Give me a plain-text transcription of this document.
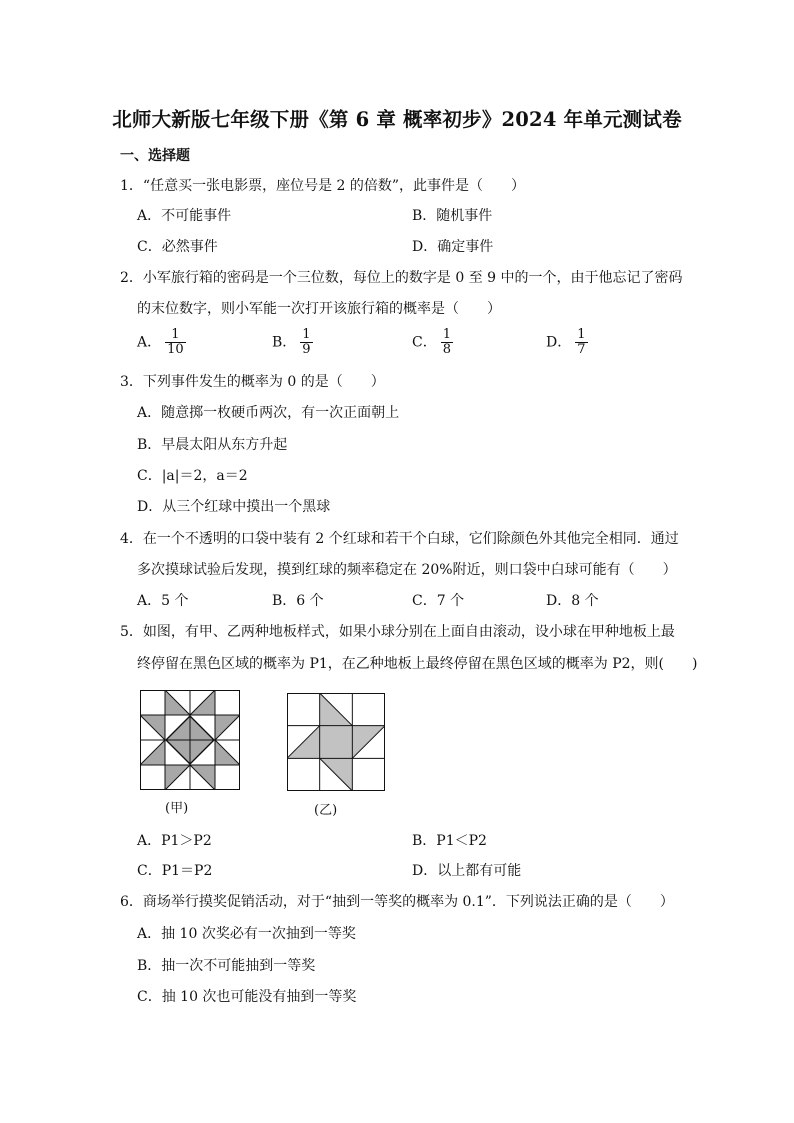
北师大新版七年级下册《第 6 章 概率初步》2024 年单元测试卷
一、选择题
1．“任意买一张电影票，座位号是 2 的倍数”，此事件是（　　）
A．不可能事件	B．随机事件
C．必然事件	D．确定事件
2．小军旅行箱的密码是一个三位数，每位上的数字是 0 至 9 中的一个，由于他忘记了密码
的末位数字，则小军能一次打开该旅行箱的概率是（　　）
A． $\frac{1}{10}$	B． $\frac{1}{9}$	C． $\frac{1}{8}$	D． $\frac{1}{7}$
3．下列事件发生的概率为 0 的是（　　）
A．随意掷一枚硬币两次，有一次正面朝上
B．早晨太阳从东方升起
C．|a|＝2，a＝2
D．从三个红球中摸出一个黑球
4．在一个不透明的口袋中装有 2 个红球和若干个白球，它们除颜色外其他完全相同．通过
多次摸球试验后发现，摸到红球的频率稳定在 20%附近，则口袋中白球可能有（　　）
A．5 个	B．6 个	C．7 个	D．8 个
5．如图，有甲、乙两种地板样式，如果小球分别在上面自由滚动，设小球在甲种地板上最
终停留在黑色区域的概率为 P1，在乙种地板上最终停留在黑色区域的概率为 P2，则(　　)
(甲)	(乙)
A．P1＞P2	B．P1＜P2
C．P1＝P2	D．以上都有可能
6．商场举行摸奖促销活动，对于“抽到一等奖的概率为 0.1”．下列说法正确的是（　　）
A．抽 10 次奖必有一次抽到一等奖
B．抽一次不可能抽到一等奖
C．抽 10 次也可能没有抽到一等奖
